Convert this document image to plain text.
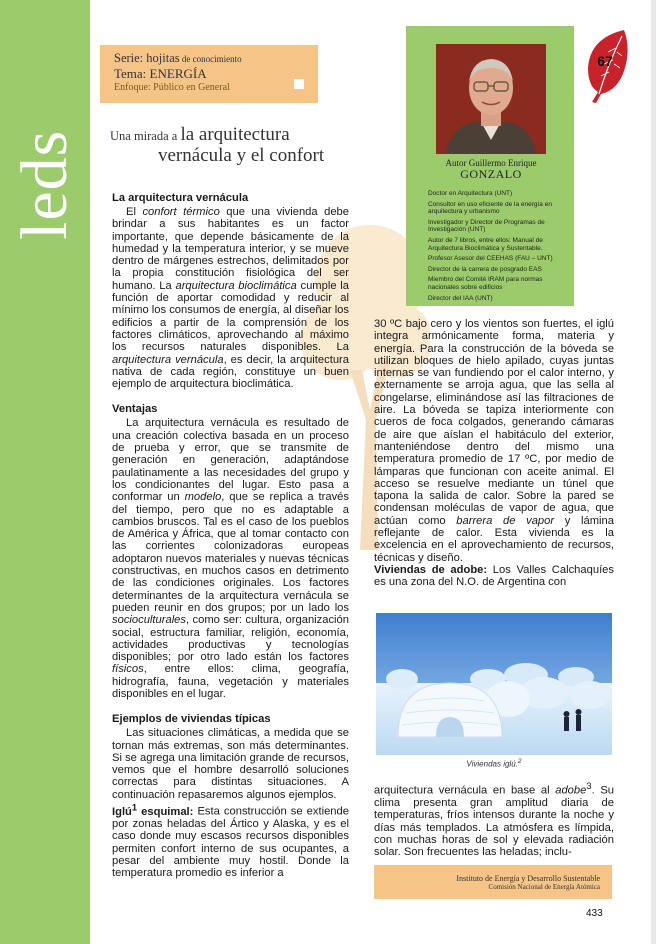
leds
Serie: hojitas de conocimiento
Tema: ENERGÍA
Enfoque: Público en General
Una mirada a la arquitectura
vernácula y el confort	Autor Guillermo Enrique
GONZALO
Doctor en Arquitectura (UNT)
Consultor en uso eficiente de la energía en arquitectura y urbanismo
Investigador y Director de Programas de Investigación (UNT)
Autor de 7 libros, entre ellos: Manual de Arquitectura Bioclimática y Sustentable.
Profesor Asesor del CEEHAS (FAU – UNT)
Director de la carrera de posgrado EAS
Miembro del Comité IRAM para normas nacionales sobre edificios
Director del IAA (UNT)
67
La arquitectura vernácula

El confort térmico que una vivienda debe brindar a sus habitantes es un factor importante, que depende básicamente de la humedad y la temperatura interior, y se mueve dentro de márgenes estrechos, delimitados por la propia constitución fisiológica del ser humano. La arquitectura bioclimática cumple la función de aportar comodidad y reducir al mínimo los consumos de energía, al diseñar los edificios a partir de la comprensión de los factores climáticos, aprovechando al máximo los recursos naturales disponibles. La arquitectura vernácula, es decir, la arquitectura nativa de cada región, constituye un buen ejemplo de arquitectura bioclimática.

Ventajas

La arquitectura vernácula es resultado de una creación colectiva basada en un proceso de prueba y error, que se transmite de generación en generación, adaptándose paulatinamente a las necesidades del grupo y los condicionantes del lugar. Esto pasa a conformar un modelo, que se replica a través del tiempo, pero que no es adaptable a cambios bruscos. Tal es el caso de los pueblos de América y África, que al tomar contacto con las corrientes colonizadoras europeas adoptaron nuevos materiales y nuevas técnicas constructivas, en muchos casos en detrimento de las condiciones originales. Los factores determinantes de la arquitectura vernácula se pueden reunir en dos grupos; por un lado los socioculturales, como ser: cultura, organización social, estructura familiar, religión, economía, actividades productivas y tecnologías disponibles; por otro lado están los factores físicos, entre ellos: clima, geografía, hidrografía, fauna, vegetación y materiales disponibles en el lugar.

Ejemplos de viviendas típicas

Las situaciones climáticas, a medida que se tornan más extremas, son más determinantes. Si se agrega una limitación grande de recursos, vemos que el hombre desarrolló soluciones correctas para distintas situaciones. A continuación repasaremos algunos ejemplos.

Iglú$^1$ esquimal: Esta construcción se extiende por zonas heladas del Ártico y Alaska, y es el caso donde muy escasos recursos disponibles permiten confort interno de sus ocupantes, a pesar del ambiente muy hostil. Donde la temperatura promedio es inferior a

30 ºC bajo cero y los vientos son fuertes, el iglú integra armónicamente forma, materia y energía. Para la construcción de la bóveda se utilizan bloques de hielo apilado, cuyas juntas internas se van fundiendo por el calor interno, y externamente se arroja agua, que las sella al congelarse, eliminándose así las filtraciones de aire. La bóveda se tapiza interiormente con cueros de foca colgados, generando cámaras de aire que aíslan el habitáculo del exterior, manteniéndose dentro del mismo una temperatura promedio de 17 ºC, por medio de lámparas que funcionan con aceite animal. El acceso se resuelve mediante un túnel que tapona la salida de calor. Sobre la pared se condensan moléculas de vapor de agua, que actúan como barrera de vapor y lámina reflejante de calor. Esta vivienda es la excelencia en el aprovechamiento de recursos, técnicas y diseño.

Viviendas de adobe: Los Valles Calchaquíes es una zona del N.O. de Argentina con

Viviendas iglú.$^2$

arquitectura vernácula en base al adobe$^3$. Su clima presenta gran amplitud diaria de temperaturas, fríos intensos durante la noche y días más templados. La atmósfera es límpida, con muchas horas de sol y elevada radiación solar. Son frecuentes las heladas; inclu-

Instituto de Energía y Desarrollo Sustentable
Comisión Nacional de Energía Atómica
433
